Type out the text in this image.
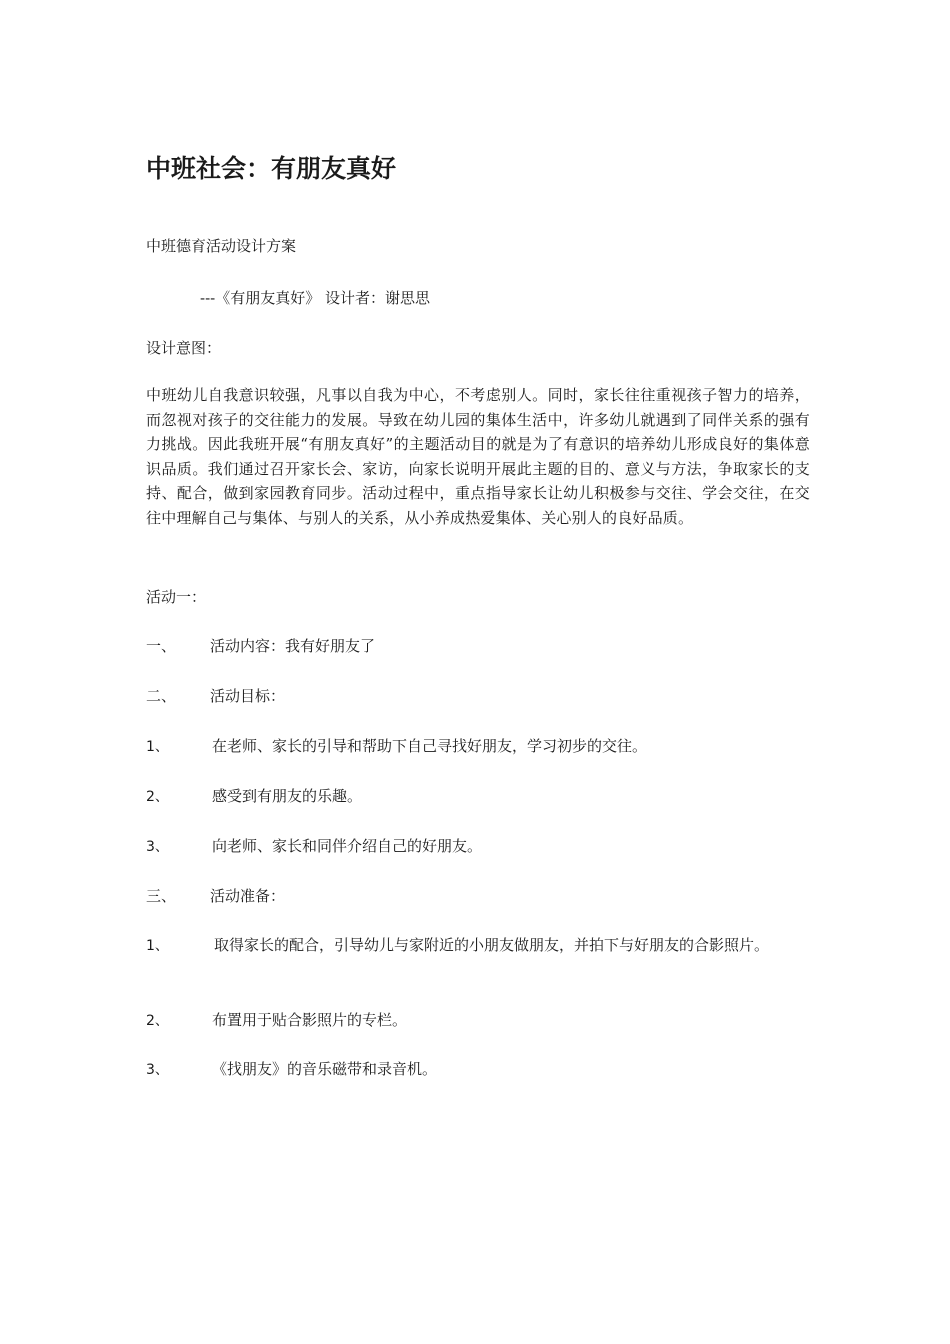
中班社会：有朋友真好
中班德育活动设计方案
---《有朋友真好》 设计者：谢思思
设计意图：

中班幼儿自我意识较强，凡事以自我为中心，不考虑别人。同时，家长往往重视孩子智力的培养，而忽视对孩子的交往能力的发展。导致在幼儿园的集体生活中，许多幼儿就遇到了同伴关系的强有力挑战。因此我班开展“有朋友真好”的主题活动目的就是为了有意识的培养幼儿形成良好的集体意识品质。我们通过召开家长会、家访，向家长说明开展此主题的目的、意义与方法，争取家长的支持、配合，做到家园教育同步。活动过程中，重点指导家长让幼儿积极参与交往、学会交往，在交往中理解自己与集体、与别人的关系，从小养成热爱集体、关心别人的良好品质。

活动一：
一、 活动内容：我有好朋友了
二、 活动目标：
1、	在老师、家长的引导和帮助下自己寻找好朋友，学习初步的交往。
2、	感受到有朋友的乐趣。
3、	向老师、家长和同伴介绍自己的好朋友。
三、 活动准备：
1、	取得家长的配合，引导幼儿与家附近的小朋友做朋友，并拍下与好朋友的合影照片。
2、	布置用于贴合影照片的专栏。
3、	《找朋友》的音乐磁带和录音机。
